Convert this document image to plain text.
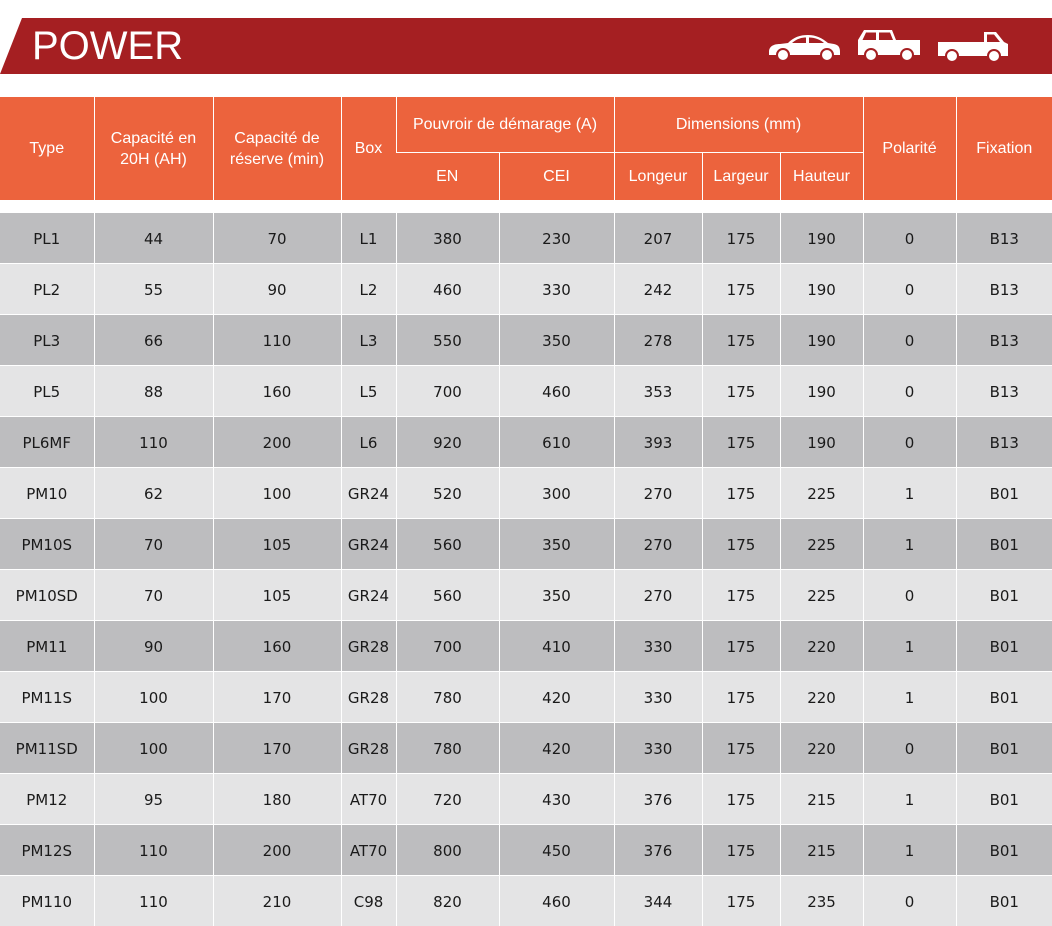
POWER
Type	Capacité en 20H (AH)	Capacité de réserve (min)	Box	Pouvroir de démarage (A)		Dimensions (mm)			Polarité	Fixation
				EN	CEI	Longeur	Largeur	Hauteur		

PL1	44	70	L1	380	230	207	175	190	0	B13
PL2	55	90	L2	460	330	242	175	190	0	B13
PL3	66	110	L3	550	350	278	175	190	0	B13
PL5	88	160	L5	700	460	353	175	190	0	B13
PL6MF	110	200	L6	920	610	393	175	190	0	B13
PM10	62	100	GR24	520	300	270	175	225	1	B01
PM10S	70	105	GR24	560	350	270	175	225	1	B01
PM10SD	70	105	GR24	560	350	270	175	225	0	B01
PM11	90	160	GR28	700	410	330	175	220	1	B01
PM11S	100	170	GR28	780	420	330	175	220	1	B01
PM11SD	100	170	GR28	780	420	330	175	220	0	B01
PM12	95	180	AT70	720	430	376	175	215	1	B01
PM12S	110	200	AT70	800	450	376	175	215	1	B01
PM110	110	210	C98	820	460	344	175	235	0	B01
